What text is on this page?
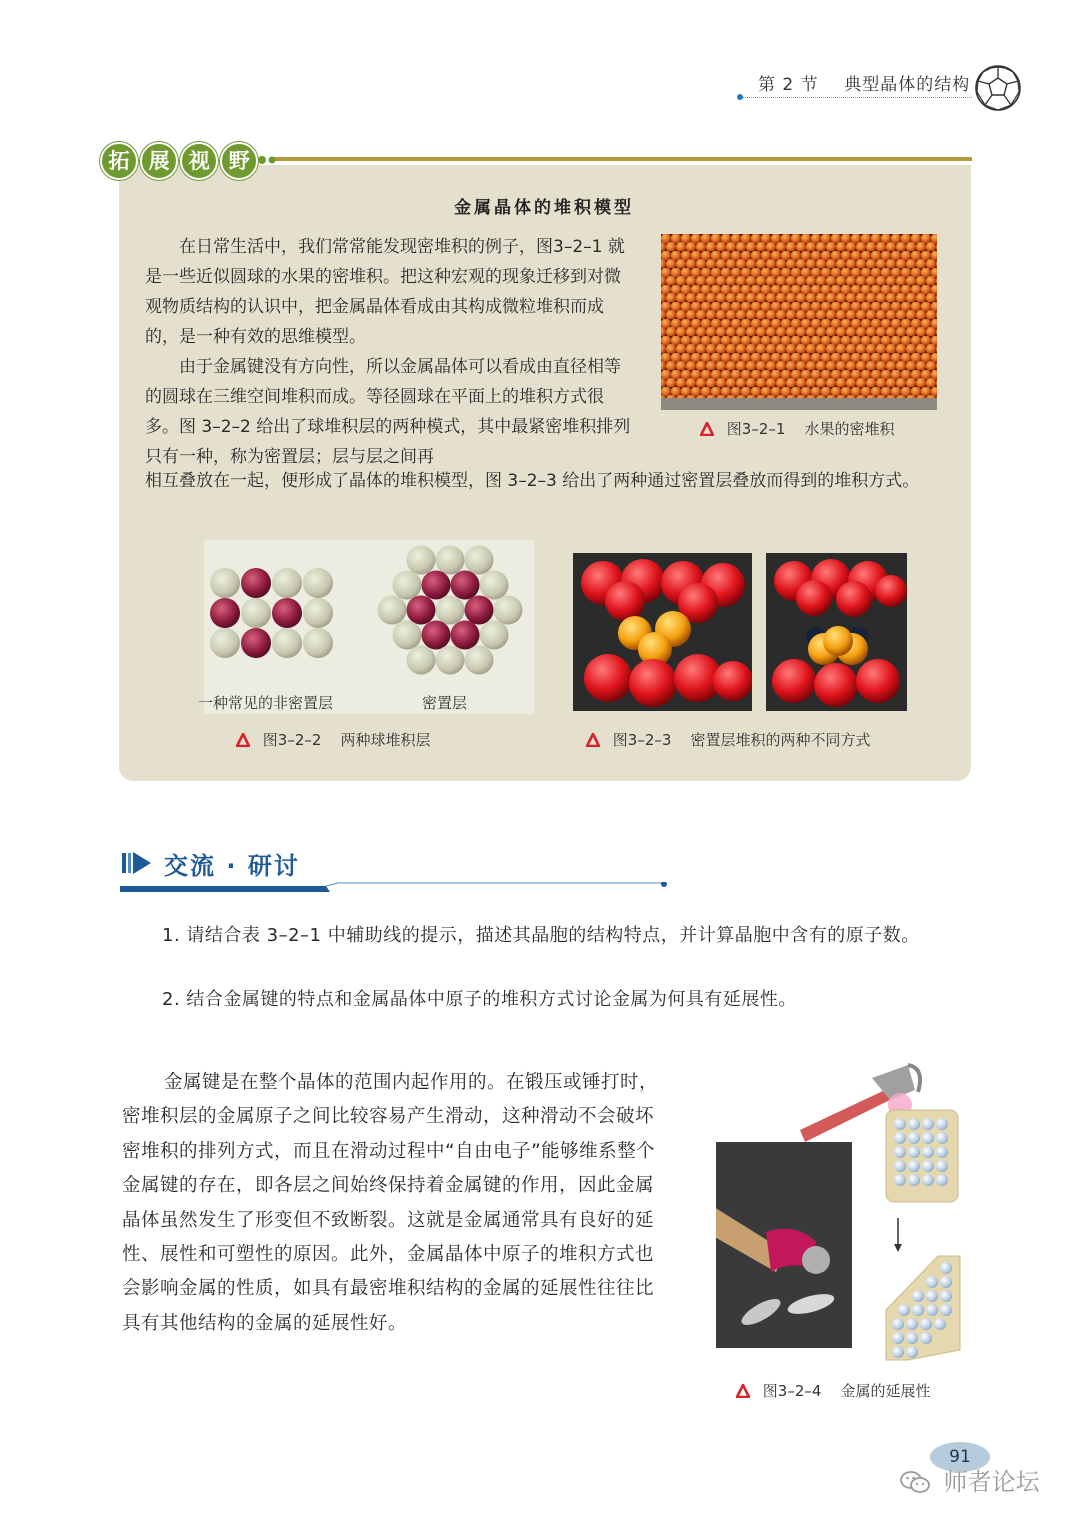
第 2 节 典型晶体的结构
拓 展 视 野
金属晶体的堆积模型
在日常生活中，我们常常能发现密堆积的例子，图3–2–1 就是一些近似圆球的水果的密堆积。把这种宏观的现象迁移到对微观物质结构的认识中，把金属晶体看成由其构成微粒堆积而成的，是一种有效的思维模型。
由于金属键没有方向性，所以金属晶体可以看成由直径相等的圆球在三维空间堆积而成。等径圆球在平面上的堆积方式很多。图 3–2–2 给出了球堆积层的两种模式，其中最紧密堆积排列只有一种，称为密置层；层与层之间再
相互叠放在一起，便形成了晶体的堆积模型，图 3–2–3 给出了两种通过密置层叠放而得到的堆积方式。
图3–2–1 水果的密堆积
一种常见的非密置层	密置层
图3–2–2 两种球堆积层	图3–2–3 密置层堆积的两种不同方式
交流 · 研讨
1. 请结合表 3–2–1 中辅助线的提示，描述其晶胞的结构特点，并计算晶胞中含有的原子数。
2. 结合金属键的特点和金属晶体中原子的堆积方式讨论金属为何具有延展性。
金属键是在整个晶体的范围内起作用的。在锻压或锤打时，密堆积层的金属原子之间比较容易产生滑动，这种滑动不会破坏密堆积的排列方式，而且在滑动过程中“自由电子”能够维系整个金属键的存在，即各层之间始终保持着金属键的作用，因此金属晶体虽然发生了形变但不致断裂。这就是金属通常具有良好的延性、展性和可塑性的原因。此外，金属晶体中原子的堆积方式也会影响金属的性质，如具有最密堆积结构的金属的延展性往往比具有其他结构的金属的延展性好。
图3–2–4 金属的延展性
91
师者论坛
